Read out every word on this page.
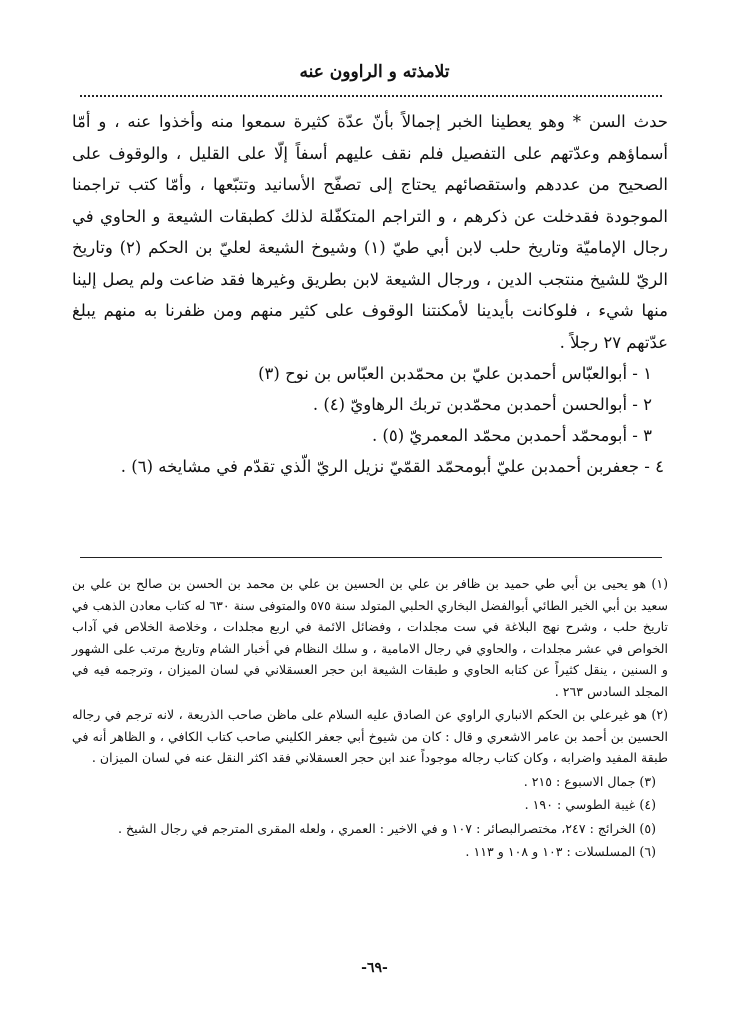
تلامذته و الراوون عنه

حدث السن * وهو يعطينا الخبر إجمالاً بأنّ عدّة كثيرة سمعوا منه وأخذوا عنه ، و أمّا أسماؤهم وعدّتهم على التفصيل فلم نقف عليهم أسفاً إلّا على القليل ، والوقوف على الصحيح من عددهم واستقصائهم يحتاج إلى تصفّح الأسانيد وتتبّعها ، وأمّا كتب تراجمنا الموجودة فقدخلت عن ذكرهم ، و التراجم المتكفّلة لذلك كطبقات الشيعة و الحاوي في رجال الإماميّة وتاريخ حلب لابن أبي طيّ (١) وشيوخ الشيعة لعليّ بن الحكم (٢) وتاريخ الريّ للشيخ منتجب الدين ، ورجال الشيعة لابن بطريق وغيرها فقد ضاعت ولم يصل إلينا منها شيء ، فلوكانت بأيدينا لأمكنتنا الوقوف على كثير منهم ومن ظفرنا به منهم يبلغ عدّتهم ٢٧ رجلاً .

١ - أبوالعبّاس أحمدبن عليّ بن محمّدبن العبّاس بن نوح (٣)
٢ - أبوالحسن أحمدبن محمّدبن تربك الرهاويّ (٤) .
٣ - أبومحمّد أحمدبن محمّد المعمريّ (٥) .
٤ - جعفربن أحمدبن عليّ أبومحمّد القمّيّ نزيل الريّ الّذي تقدّم في مشايخه (٦) .

(١) هو يحيى بن أبي طي حميد بن ظافر بن علي بن الحسين بن علي بن محمد بن الحسن بن صالح بن علي بن سعيد بن أبي الخير الطائي أبوالفضل البخاري الحلبي المتولد سنة ٥٧٥ والمتوفى سنة ٦٣٠ له كتاب معادن الذهب في تاريخ حلب ، وشرح نهج البلاغة في ست مجلدات ، وفضائل الائمة في اربع مجلدات ، وخلاصة الخلاص في آداب الخواص في عشر مجلدات ، والحاوي في رجال الامامية ، و سلك النظام في أخبار الشام وتاريخ مرتب على الشهور و السنين ، ينقل كثيراً عن كتابه الحاوي و طبقات الشيعة ابن حجر العسقلاني في لسان الميزان ، وترجمه فيه في المجلد السادس ٢٦٣ .

(٢) هو غيرعلي بن الحكم الانباري الراوي عن الصادق عليه السلام على ماظن صاحب الذريعة ، لانه ترجم في رجاله الحسين بن أحمد بن عامر الاشعري و قال : كان من شيوخ أبي جعفر الكليني صاحب كتاب الكافي ، و الظاهر أنه في طبقة المفيد واضرابه ، وكان كتاب رجاله موجوداً عند ابن حجر العسقلاني فقد اكثر النقل عنه في لسان الميزان .

(٣) جمال الاسبوع : ٢١٥ .

(٤) غيبة الطوسي : ١٩٠ .

(٥) الخرائج : ٢٤٧، مختصرالبصائر : ١٠٧ و في الاخير : العمري ، ولعله المقرى المترجم في رجال الشيخ .

(٦) المسلسلات : ١٠٣ و ١٠٨ و ١١٣ .

-٦٩-
